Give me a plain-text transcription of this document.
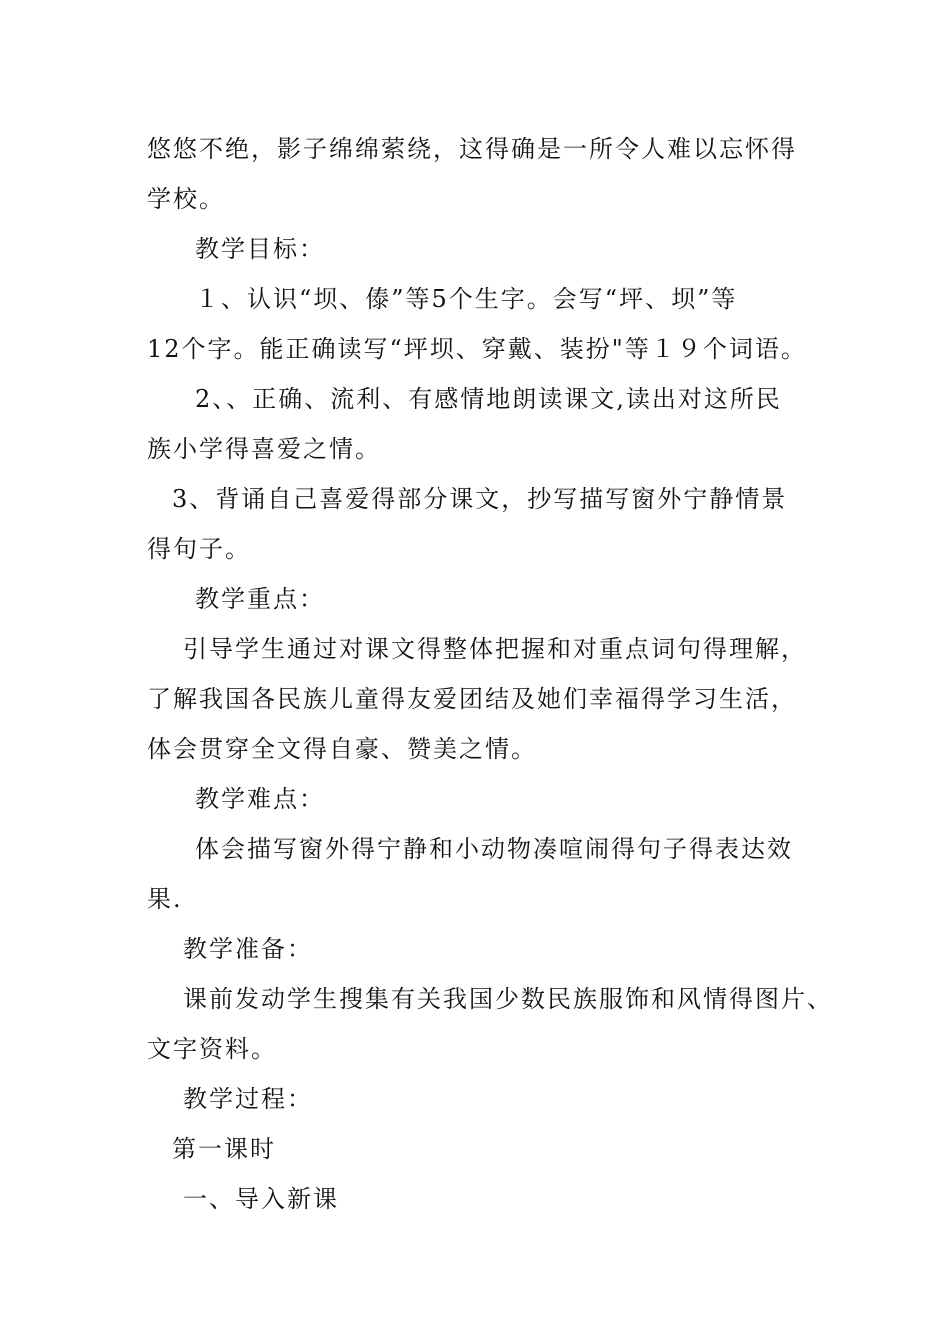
悠悠不绝，影子绵绵萦绕，这得确是一所令人难以忘怀得
学校。
教学目标：
１、认识“坝、傣”等5个生字。会写“坪、坝”等
12个字。能正确读写“坪坝、穿戴、装扮"等１９个词语。
2、、正确、流利、有感情地朗读课文,读出对这所民
族小学得喜爱之情。
3、背诵自己喜爱得部分课文，抄写描写窗外宁静情景
得句子。
教学重点：
引导学生通过对课文得整体把握和对重点词句得理解，
了解我国各民族儿童得友爱团结及她们幸福得学习生活，
体会贯穿全文得自豪、赞美之情。
教学难点：
体会描写窗外得宁静和小动物凑喧闹得句子得表达效
果.
教学准备：
课前发动学生搜集有关我国少数民族服饰和风情得图片、
文字资料。
教学过程：
第一课时
一、导入新课
